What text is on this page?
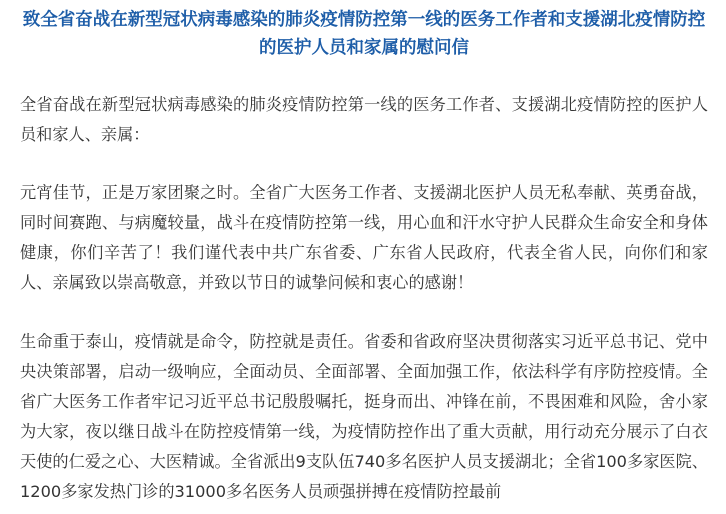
致全省奋战在新型冠状病毒感染的肺炎疫情防控第一线的医务工作者和支援湖北疫情防控的医护人员和家属的慰问信

全省奋战在新型冠状病毒感染的肺炎疫情防控第一线的医务工作者、支援湖北疫情防控的医护人员和家人、亲属：

元宵佳节，正是万家团聚之时。全省广大医务工作者、支援湖北医护人员无私奉献、英勇奋战，同时间赛跑、与病魔较量，战斗在疫情防控第一线，用心血和汗水守护人民群众生命安全和身体健康，你们辛苦了！我们谨代表中共广东省委、广东省人民政府，代表全省人民，向你们和家人、亲属致以崇高敬意，并致以节日的诚挚问候和衷心的感谢！

生命重于泰山，疫情就是命令，防控就是责任。省委和省政府坚决贯彻落实习近平总书记、党中央决策部署，启动一级响应，全面动员、全面部署、全面加强工作，依法科学有序防控疫情。全省广大医务工作者牢记习近平总书记殷殷嘱托，挺身而出、冲锋在前，不畏困难和风险，舍小家为大家，夜以继日战斗在防控疫情第一线，为疫情防控作出了重大贡献，用行动充分展示了白衣天使的仁爱之心、大医精诚。全省派出9支队伍740多名医护人员支援湖北；全省100多家医院、1200多家发热门诊的31000多名医务人员顽强拼搏在疫情防控最前
